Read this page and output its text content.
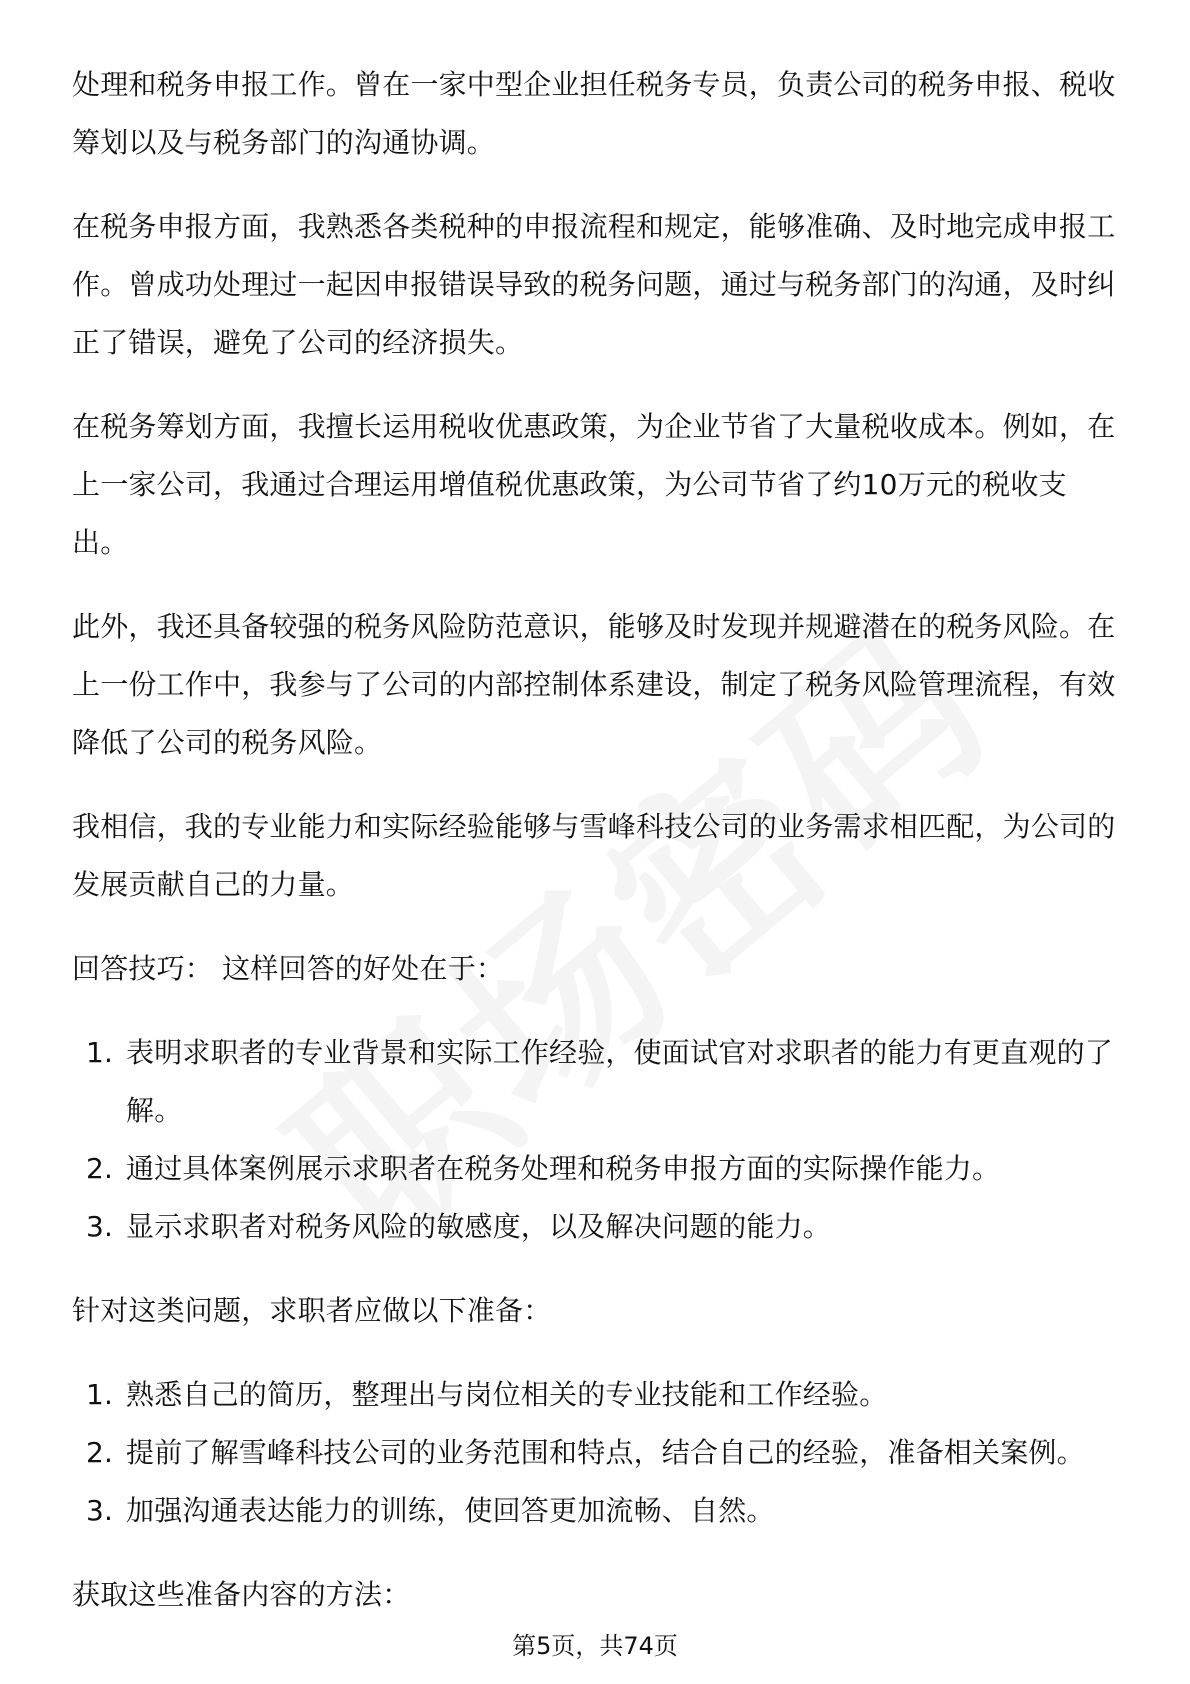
处理和税务申报工作。曾在一家中型企业担任税务专员，负责公司的税务申报、税收筹划以及与税务部门的沟通协调。

在税务申报方面，我熟悉各类税种的申报流程和规定，能够准确、及时地完成申报工作。曾成功处理过一起因申报错误导致的税务问题，通过与税务部门的沟通，及时纠正了错误，避免了公司的经济损失。

在税务筹划方面，我擅长运用税收优惠政策，为企业节省了大量税收成本。例如，在上一家公司，我通过合理运用增值税优惠政策，为公司节省了约10万元的税收支出。

此外，我还具备较强的税务风险防范意识，能够及时发现并规避潜在的税务风险。在上一份工作中，我参与了公司的内部控制体系建设，制定了税务风险管理流程，有效降低了公司的税务风险。

我相信，我的专业能力和实际经验能够与雪峰科技公司的业务需求相匹配，为公司的发展贡献自己的力量。

回答技巧： 这样回答的好处在于：

1. 表明求职者的专业背景和实际工作经验，使面试官对求职者的能力有更直观的了解。
2. 通过具体案例展示求职者在税务处理和税务申报方面的实际操作能力。
3. 显示求职者对税务风险的敏感度，以及解决问题的能力。

针对这类问题，求职者应做以下准备：

1. 熟悉自己的简历，整理出与岗位相关的专业技能和工作经验。
2. 提前了解雪峰科技公司的业务范围和特点，结合自己的经验，准备相关案例。
3. 加强沟通表达能力的训练，使回答更加流畅、自然。

获取这些准备内容的方法：

第5页，共74页
